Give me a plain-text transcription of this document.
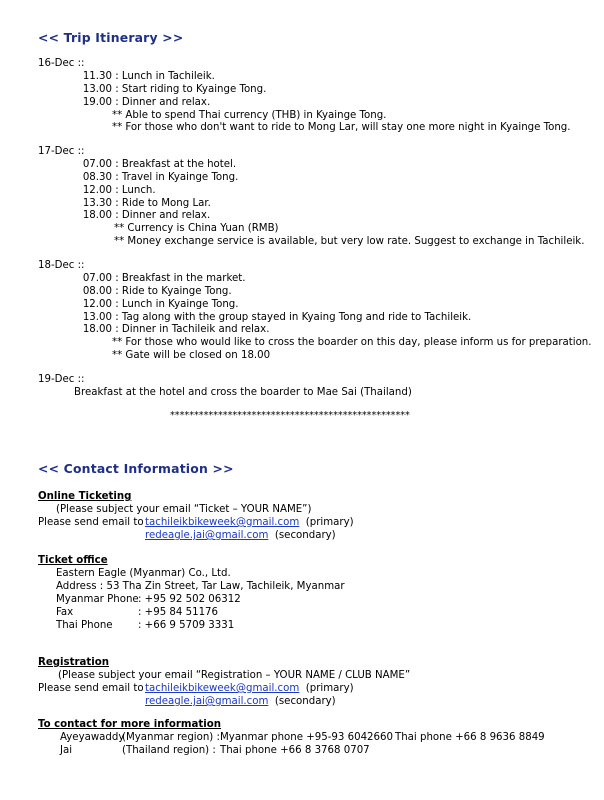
<< Trip Itinerary >>
16-Dec ::
11.30 : Lunch in Tachileik.
13.00 : Start riding to Kyainge Tong.
19.00 : Dinner and relax.
** Able to spend Thai currency (THB) in Kyainge Tong.
** For those who don't want to ride to Mong Lar, will stay one more night in Kyainge Tong.
17-Dec ::
07.00 : Breakfast at the hotel.
08.30 : Travel in Kyainge Tong.
12.00 : Lunch.
13.30 : Ride to Mong Lar.
18.00 : Dinner and relax.
** Currency is China Yuan (RMB)
** Money exchange service is available, but very low rate. Suggest to exchange in Tachileik.
18-Dec ::
07.00 : Breakfast in the market.
08.00 : Ride to Kyainge Tong.
12.00 : Lunch in Kyainge Tong.
13.00 : Tag along with the group stayed in Kyaing Tong and ride to Tachileik.
18.00 : Dinner in Tachileik and relax.
** For those who would like to cross the boarder on this day, please inform us for preparation.
** Gate will be closed on 18.00
19-Dec ::
Breakfast at the hotel and cross the boarder to Mae Sai (Thailand)
**************************************************
<< Contact Information >>
Online Ticketing
(Please subject your email “Ticket – YOUR NAME”)
Please send email to tachileikbikeweek@gmail.com (primary)
redeagle.jai@gmail.com (secondary)
Ticket office
Eastern Eagle (Myanmar) Co., Ltd.
Address : 53 Tha Zin Street, Tar Law, Tachileik, Myanmar
Myanmar Phone: +95 92 502 06312
Fax	: +95 84 51176
Thai Phone : +66 9 5709 3331
Registration
(Please subject your email “Registration – YOUR NAME / CLUB NAME”
Please send email to tachileikbikeweek@gmail.com (primary)
redeagle.jai@gmail.com (secondary)
To contact for more information
Ayeyawaddy(Myanmar region) :Myanmar phone +95-93 6042660 Thai phone +66 8 9636 8849
Jai	(Thailand region) : Thai phone +66 8 3768 0707
